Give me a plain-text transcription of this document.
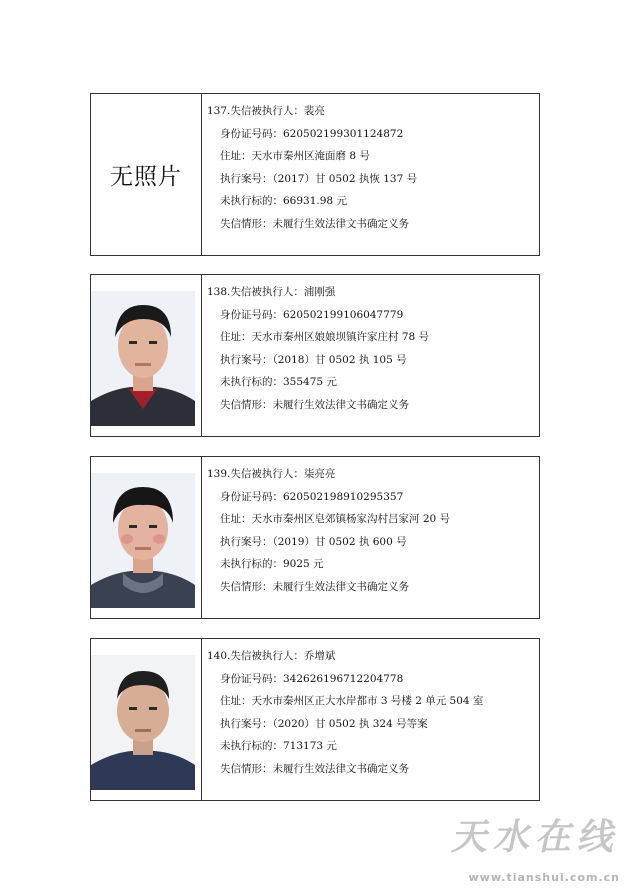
无照片
137.失信被执行人：裴亮
身份证号码：620502199301124872
住址：天水市秦州区淹面磨 8 号
执行案号：（2017）甘 0502 执恢 137 号
未执行标的：66931.98 元
失信情形：未履行生效法律文书确定义务
138.失信被执行人：浦刚强
身份证号码：620502199106047779
住址：天水市秦州区娘娘坝镇许家庄村 78 号
执行案号：（2018）甘 0502 执 105 号
未执行标的：355475 元
失信情形：未履行生效法律文书确定义务
139.失信被执行人：柒亮亮
身份证号码：620502198910295357
住址：天水市秦州区皂郊镇杨家沟村吕家河 20 号
执行案号：（2019）甘 0502 执 600 号
未执行标的：9025 元
失信情形：未履行生效法律文书确定义务
140.失信被执行人：乔增斌
身份证号码：342626196712204778
住址：天水市秦州区正大水岸都市 3 号楼 2 单元 504 室
执行案号：（2020）甘 0502 执 324 号等案
未执行标的：713173 元
失信情形：未履行生效法律文书确定义务
天水在线
www.tianshui.com.cn
